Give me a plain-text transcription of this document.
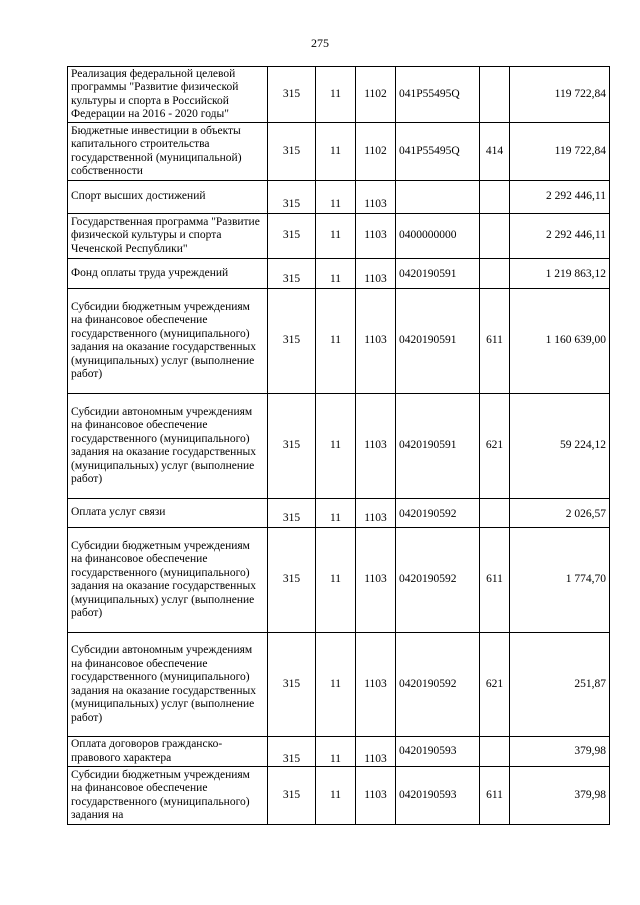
275
Реализация федеральной целевой программы "Развитие физической культуры и спорта в Российской Федерации на 2016 - 2020 годы"	315	11	1102	041P55495Q		119 722,84
Бюджетные инвестиции в объекты капитального строительства государственной (муниципальной) собственности	315	11	1102	041P55495Q	414	119 722,84
Спорт высших достижений	315	11	1103			2 292 446,11
Государственная программа "Развитие физической культуры и спорта Чеченской Республики"	315	11	1103	0400000000		2 292 446,11
Фонд оплаты труда учреждений	315	11	1103	0420190591		1 219 863,12
Субсидии бюджетным учреждениям на финансовое обеспечение государственного (муниципального) задания на оказание государственных (муниципальных) услуг (выполнение работ)	315	11	1103	0420190591	611	1 160 639,00
Субсидии автономным учреждениям на финансовое обеспечение государственного (муниципального) задания на оказание государственных (муниципальных) услуг (выполнение работ)	315	11	1103	0420190591	621	59 224,12
Оплата услуг связи	315	11	1103	0420190592		2 026,57
Субсидии бюджетным учреждениям на финансовое обеспечение государственного (муниципального) задания на оказание государственных (муниципальных) услуг (выполнение работ)	315	11	1103	0420190592	611	1 774,70
Субсидии автономным учреждениям на финансовое обеспечение государственного (муниципального) задания на оказание государственных (муниципальных) услуг (выполнение работ)	315	11	1103	0420190592	621	251,87
Оплата договоров гражданско-правового характера	315	11	1103	0420190593		379,98
Субсидии бюджетным учреждениям на финансовое обеспечение государственного (муниципального) задания на	315	11	1103	0420190593	611	379,98
